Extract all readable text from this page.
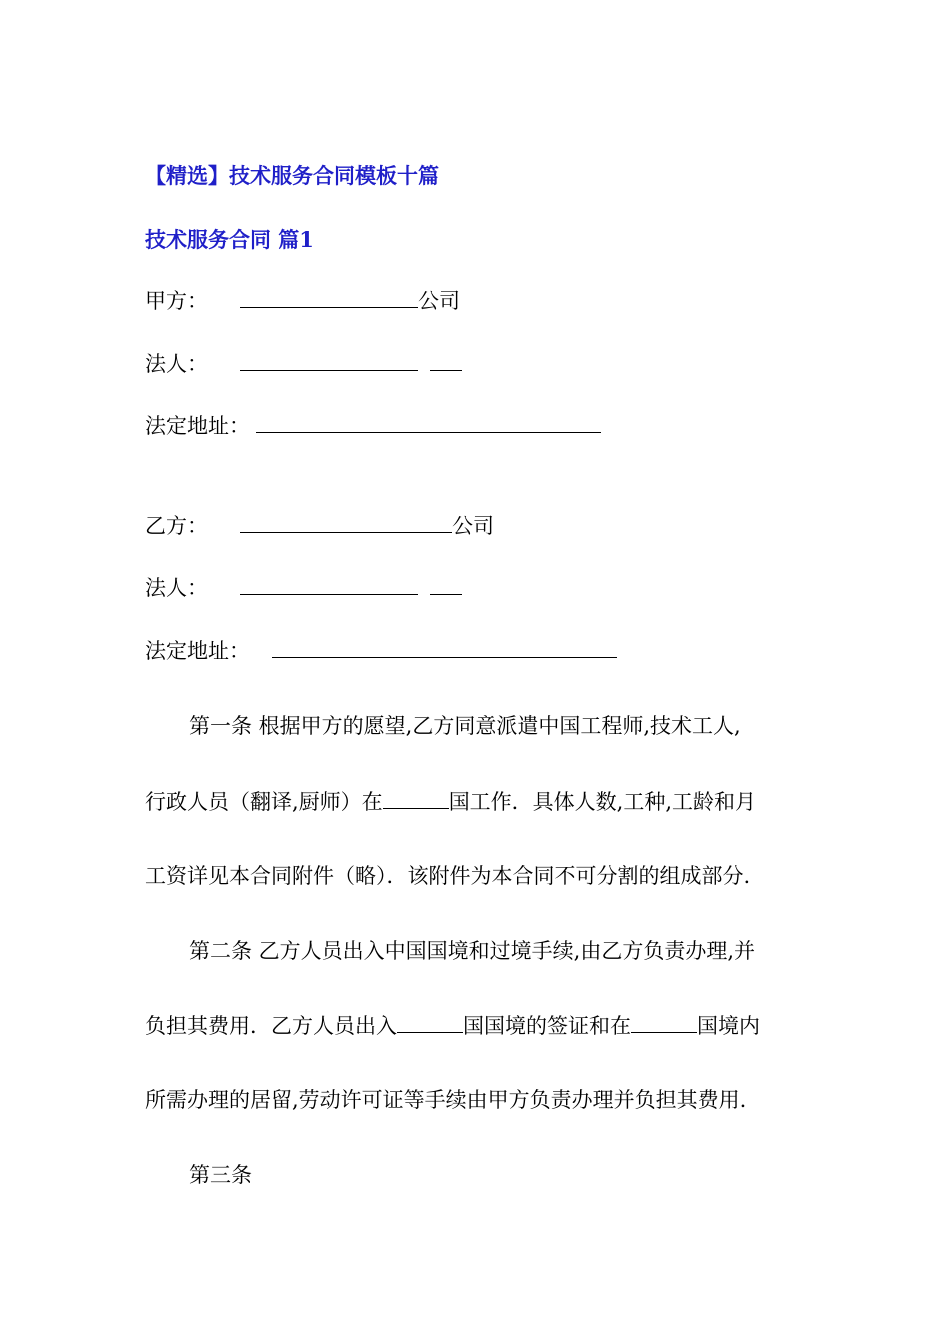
【精选】技术服务合同模板十篇
技术服务合同 篇1
甲方：	公司
法人：
法定地址：
乙方：	公司
法人：
法定地址：
第一条 根据甲方的愿望,乙方同意派遣中国工程师,技术工人,
行政人员（翻译,厨师）在	国工作．具体人数,工种,工龄和月
工资详见本合同附件（略）．该附件为本合同不可分割的组成部分.
第二条 乙方人员出入中国国境和过境手续,由乙方负责办理,并
负担其费用．乙方人员出入	国国境的签证和在	国境内
所需办理的居留,劳动许可证等手续由甲方负责办理并负担其费用.
第三条
